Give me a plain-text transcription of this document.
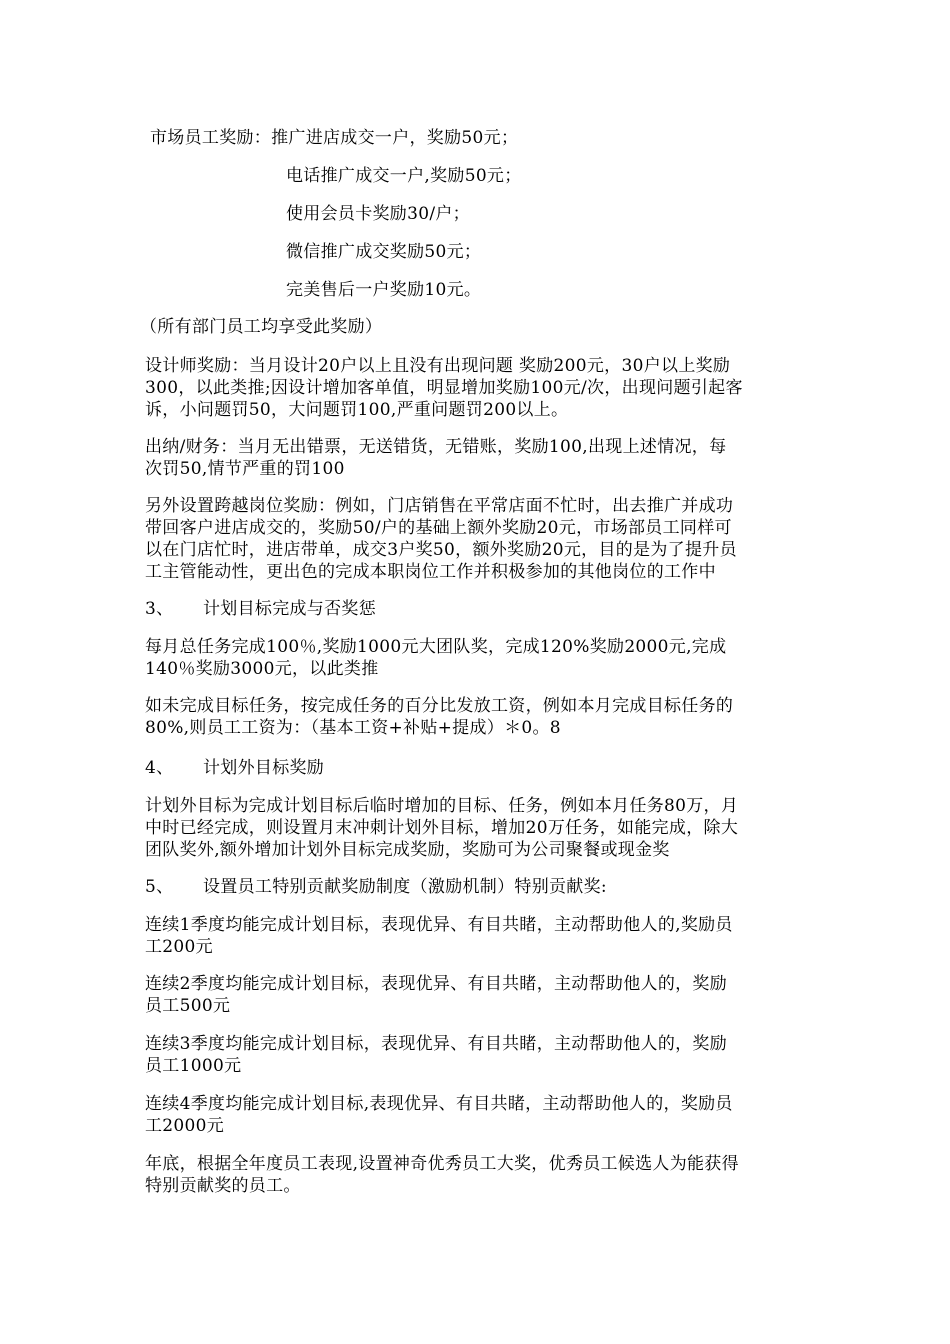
市场员工奖励：推广进店成交一户，奖励50元；

电话推广成交一户,奖励50元；

使用会员卡奖励30/户；

微信推广成交奖励50元；

完美售后一户奖励10元。

（所有部门员工均享受此奖励）

设计师奖励：当月设计20户以上且没有出现问题 奖励200元，30户以上奖励

300，以此类推;因设计增加客单值，明显增加奖励100元/次，出现问题引起客

诉，小问题罚50，大问题罚100,严重问题罚200以上。

出纳/财务：当月无出错票，无送错货，无错账，奖励100,出现上述情况，每

次罚50,情节严重的罚100

另外设置跨越岗位奖励：例如，门店销售在平常店面不忙时，出去推广并成功

带回客户进店成交的，奖励50/户的基础上额外奖励20元，市场部员工同样可

以在门店忙时，进店带单，成交3户奖50，额外奖励20元，目的是为了提升员

工主管能动性，更出色的完成本职岗位工作并积极参加的其他岗位的工作中

3、 计划目标完成与否奖惩

每月总任务完成100％,奖励1000元大团队奖，完成120%奖励2000元,完成

140％奖励3000元，以此类推

如未完成目标任务，按完成任务的百分比发放工资，例如本月完成目标任务的

80%,则员工工资为：（基本工资+补贴+提成）＊0。8

4、 计划外目标奖励

计划外目标为完成计划目标后临时增加的目标、任务，例如本月任务80万，月

中时已经完成，则设置月末冲刺计划外目标，增加20万任务，如能完成，除大

团队奖外,额外增加计划外目标完成奖励，奖励可为公司聚餐或现金奖

5、 设置员工特别贡献奖励制度（激励机制）特别贡献奖:

连续1季度均能完成计划目标，表现优异、有目共睹，主动帮助他人的,奖励员

工200元

连续2季度均能完成计划目标，表现优异、有目共睹，主动帮助他人的，奖励

员工500元

连续3季度均能完成计划目标，表现优异、有目共睹，主动帮助他人的，奖励

员工1000元

连续4季度均能完成计划目标,表现优异、有目共睹，主动帮助他人的，奖励员

工2000元

年底，根据全年度员工表现,设置神奇优秀员工大奖，优秀员工候选人为能获得

特别贡献奖的员工。
